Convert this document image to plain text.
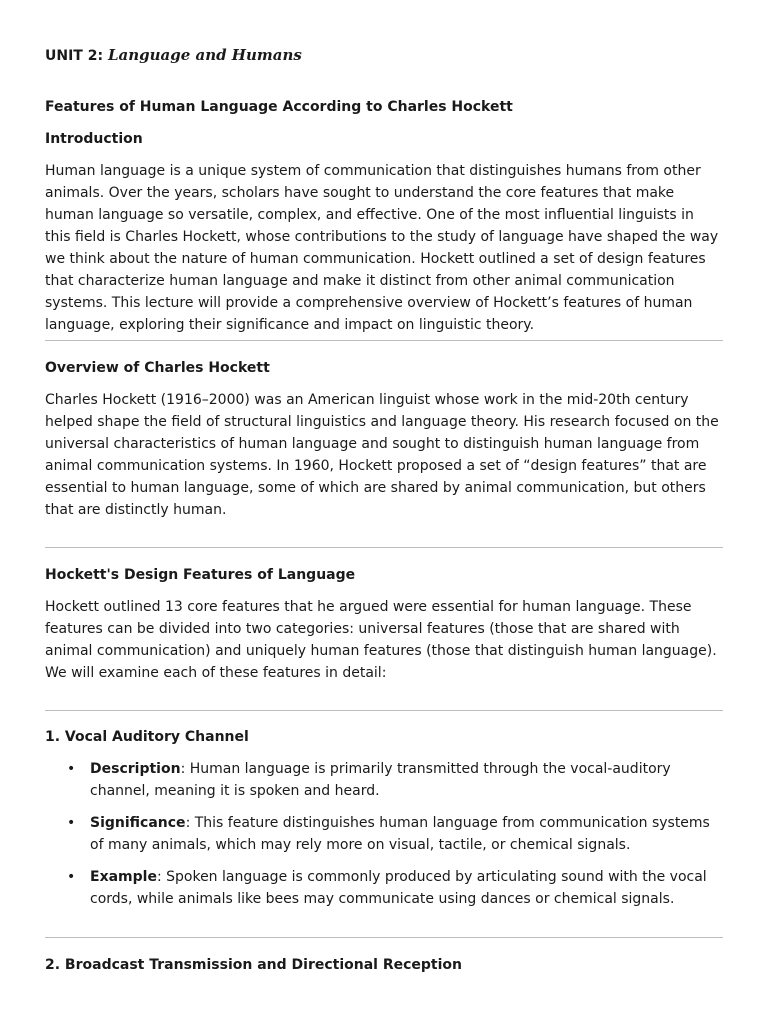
UNIT 2: Language and Humans
Features of Human Language According to Charles Hockett
Introduction

Human language is a unique system of communication that distinguishes humans from other animals. Over the years, scholars have sought to understand the core features that make human language so versatile, complex, and effective. One of the most influential linguists in this field is Charles Hockett, whose contributions to the study of language have shaped the way we think about the nature of human communication. Hockett outlined a set of design features that characterize human language and make it distinct from other animal communication systems. This lecture will provide a comprehensive overview of Hockett’s features of human language, exploring their significance and impact on linguistic theory.

Overview of Charles Hockett

Charles Hockett (1916–2000) was an American linguist whose work in the mid-20th century helped shape the field of structural linguistics and language theory. His research focused on the universal characteristics of human language and sought to distinguish human language from animal communication systems. In 1960, Hockett proposed a set of “design features” that are essential to human language, some of which are shared by animal communication, but others that are distinctly human.

Hockett's Design Features of Language

Hockett outlined 13 core features that he argued were essential for human language. These features can be divided into two categories: universal features (those that are shared with animal communication) and uniquely human features (those that distinguish human language). We will examine each of these features in detail:

1. Vocal Auditory Channel
• Description: Human language is primarily transmitted through the vocal-auditory channel, meaning it is spoken and heard.
• Significance: This feature distinguishes human language from communication systems of many animals, which may rely more on visual, tactile, or chemical signals.
• Example: Spoken language is commonly produced by articulating sound with the vocal cords, while animals like bees may communicate using dances or chemical signals.
2. Broadcast Transmission and Directional Reception
